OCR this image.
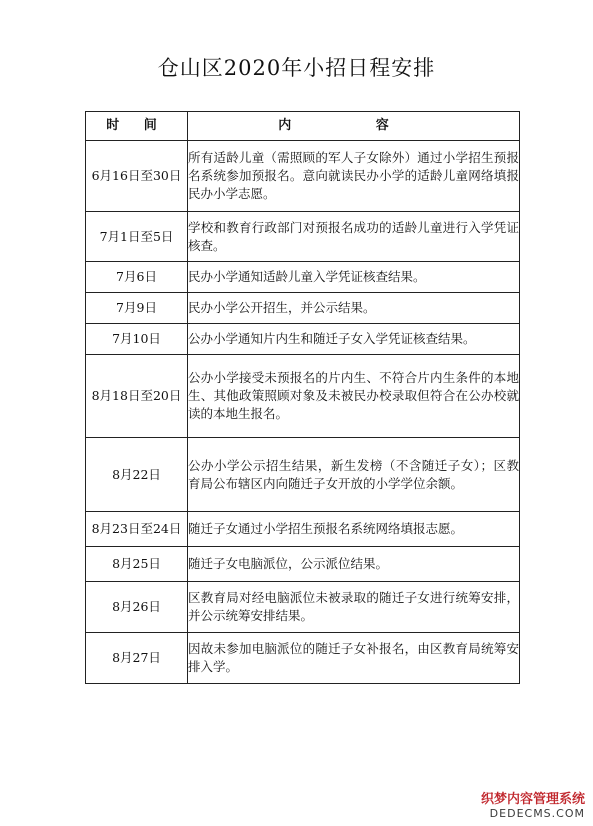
仓山区2020年小招日程安排
时 间	内 容
6月16日至30日	所有适龄儿童（需照顾的军人子女除外）通过小学招生预报名系统参加预报名。意向就读民办小学的适龄儿童网络填报民办小学志愿。
7月1日至5日	学校和教育行政部门对预报名成功的适龄儿童进行入学凭证核查。
7月6日	民办小学通知适龄儿童入学凭证核查结果。
7月9日	民办小学公开招生，并公示结果。
7月10日	公办小学通知片内生和随迁子女入学凭证核查结果。
8月18日至20日	公办小学接受未预报名的片内生、不符合片内生条件的本地生、其他政策照顾对象及未被民办校录取但符合在公办校就读的本地生报名。
8月22日	公办小学公示招生结果，新生发榜（不含随迁子女）；区教育局公布辖区内向随迁子女开放的小学学位余额。
8月23日至24日	随迁子女通过小学招生预报名系统网络填报志愿。
8月25日	随迁子女电脑派位，公示派位结果。
8月26日	区教育局对经电脑派位未被录取的随迁子女进行统筹安排，并公示统筹安排结果。
8月27日	因故未参加电脑派位的随迁子女补报名，由区教育局统筹安排入学。
织梦内容管理系统
DEDECMS.COM
